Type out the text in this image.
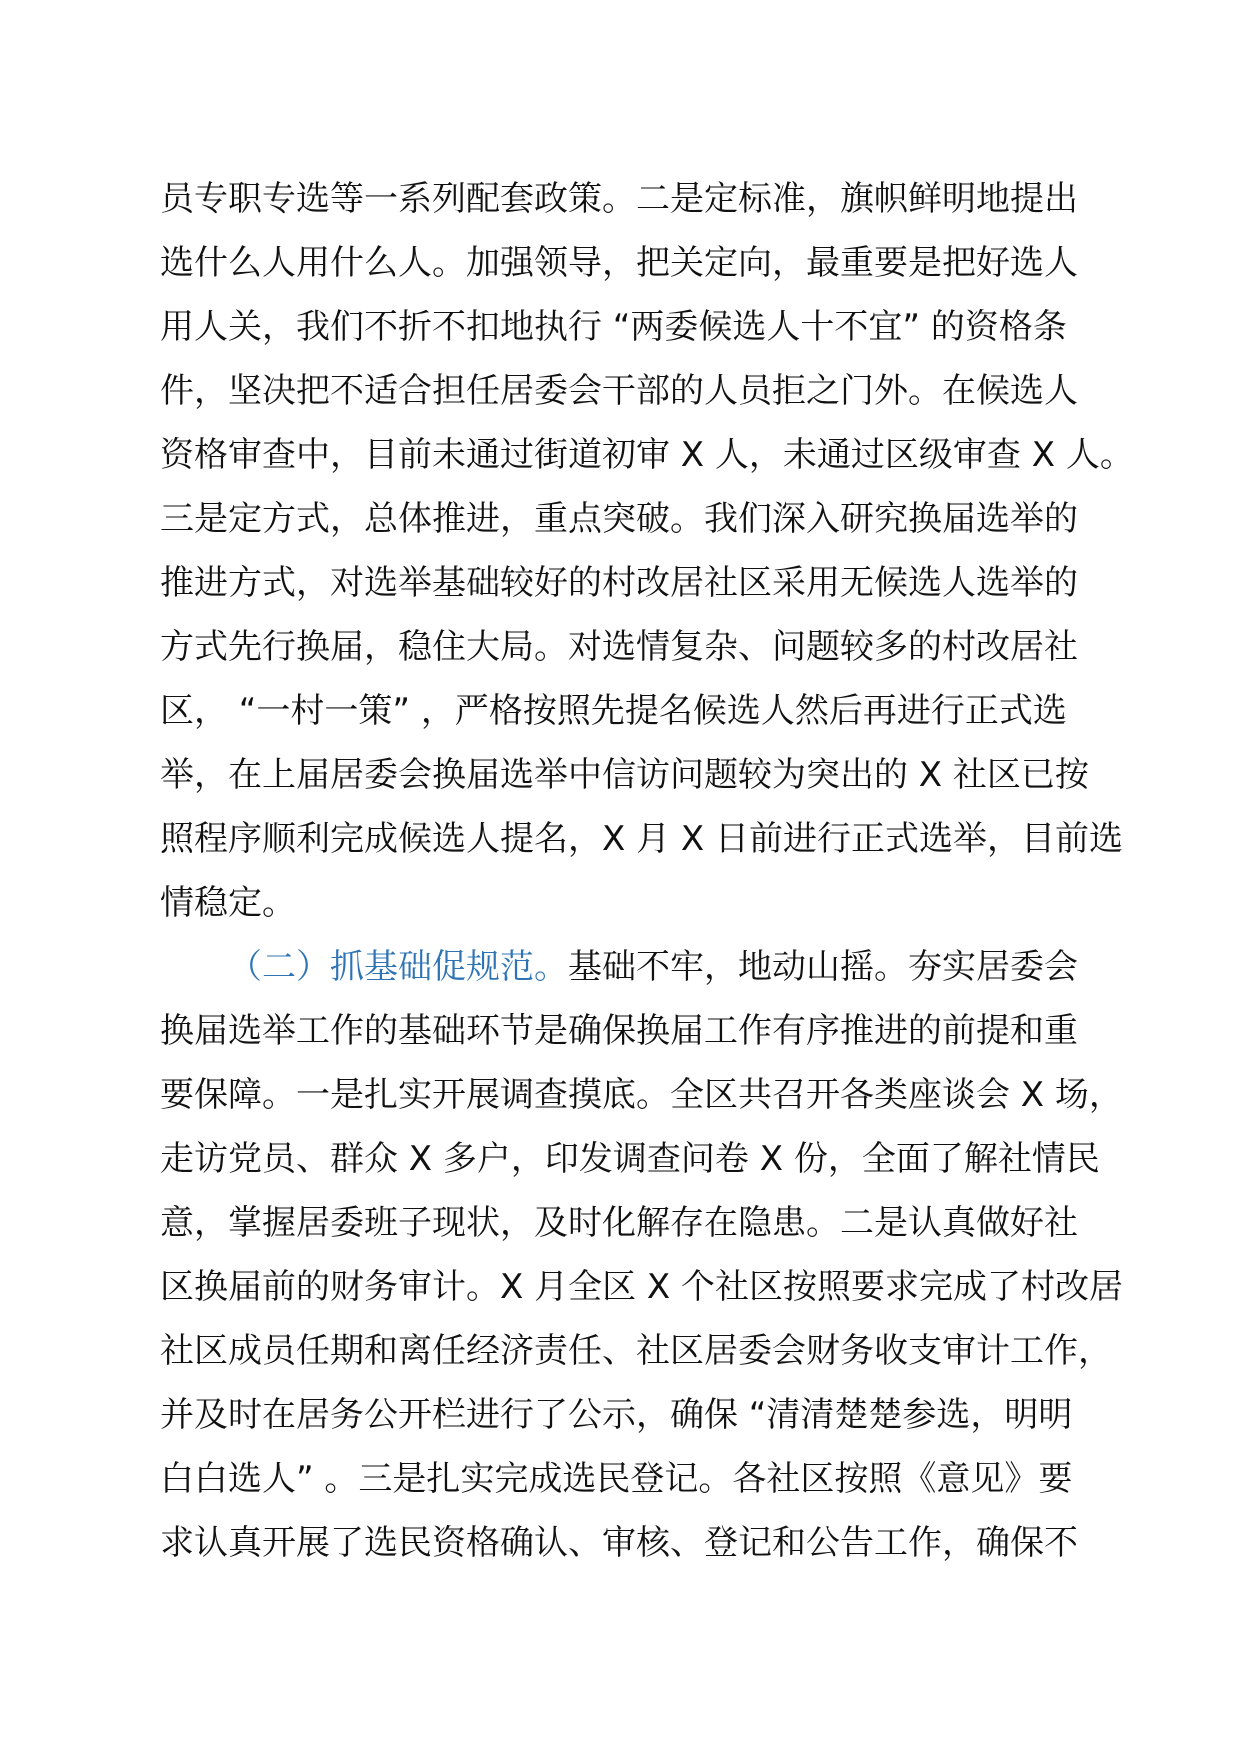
员专职专选等一系列配套政策。二是定标准，旗帜鲜明地提出
选什么人用什么人。加强领导，把关定向，最重要是把好选人
用人关，我们不折不扣地执行 “两委候选人十不宜” 的资格条
件，坚决把不适合担任居委会干部的人员拒之门外。在候选人
资格审查中，目前未通过街道初审 X 人，未通过区级审查 X 人。
三是定方式，总体推进，重点突破。我们深入研究换届选举的
推进方式，对选举基础较好的村改居社区采用无候选人选举的
方式先行换届，稳住大局。对选情复杂、问题较多的村改居社
区， “一村一策” ，严格按照先提名候选人然后再进行正式选
举，在上届居委会换届选举中信访问题较为突出的 X 社区已按
照程序顺利完成候选人提名，X 月 X 日前进行正式选举，目前选
情稳定。
（二）抓基础促规范。基础不牢，地动山摇。夯实居委会
换届选举工作的基础环节是确保换届工作有序推进的前提和重
要保障。一是扎实开展调查摸底。全区共召开各类座谈会 X 场，
走访党员、群众 X 多户，印发调查问卷 X 份，全面了解社情民
意，掌握居委班子现状，及时化解存在隐患。二是认真做好社
区换届前的财务审计。X 月全区 X 个社区按照要求完成了村改居
社区成员任期和离任经济责任、社区居委会财务收支审计工作，
并及时在居务公开栏进行了公示，确保 “清清楚楚参选，明明
白白选人” 。三是扎实完成选民登记。各社区按照《意见》要
求认真开展了选民资格确认、审核、登记和公告工作，确保不
